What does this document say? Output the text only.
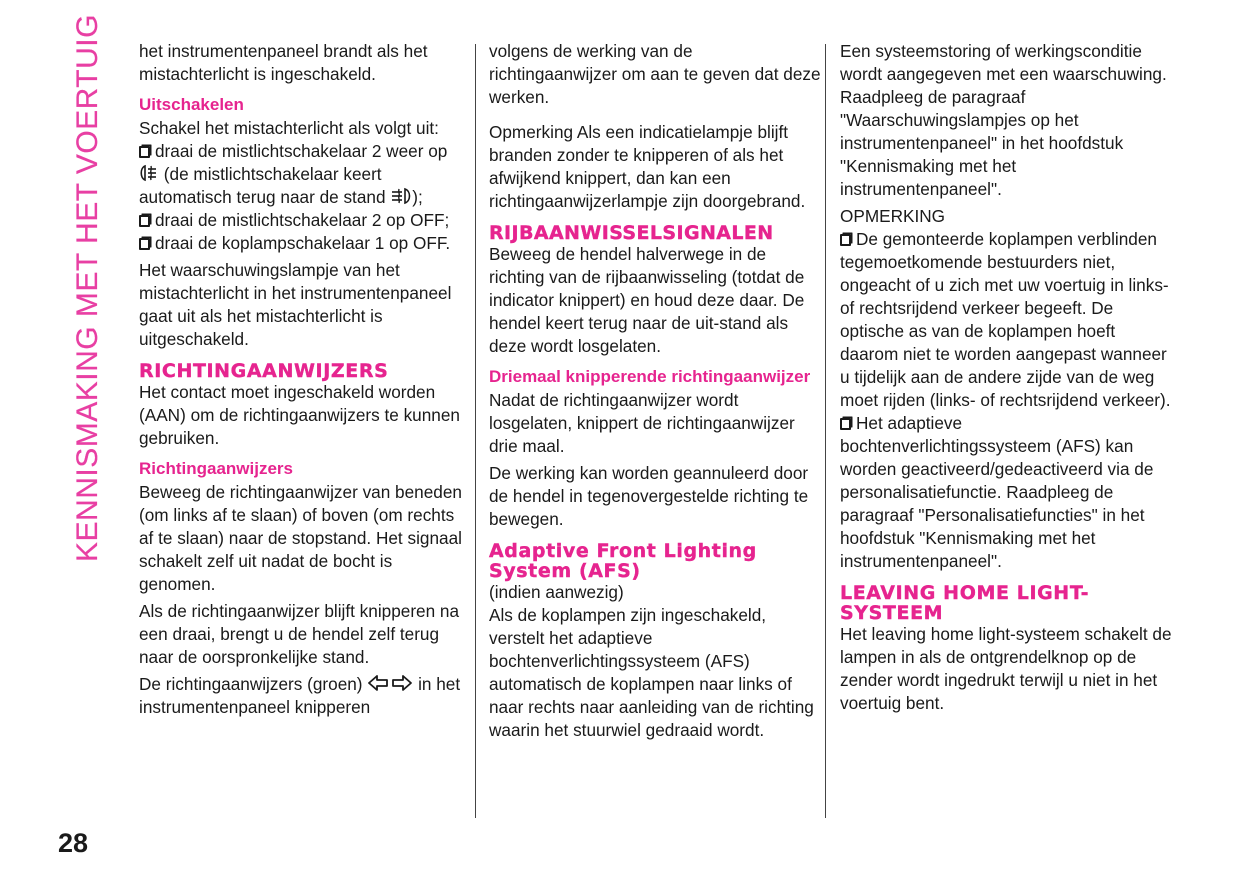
KENNISMAKING MET HET VOERTUIG het instrumentenpaneel brandt als het mistachterlicht is ingeschakeld.

Uitschakelen

Schakel het mistachterlicht als volgt uit:

draai de mistlichtschakelaar 2 weer op  (de mistlichtschakelaar keert automatisch terug naar de stand );

draai de mistlichtschakelaar 2 op OFF;

draai de koplampschakelaar 1 op OFF.

Het waarschuwingslampje van het mistachterlicht in het instrumentenpaneel gaat uit als het mistachterlicht is uitgeschakeld.

RICHTINGAANWIJZERS

Het contact moet ingeschakeld worden (AAN) om de richtingaanwijzers te kunnen gebruiken.

Richtingaanwijzers

Beweeg de richtingaanwijzer van beneden (om links af te slaan) of boven (om rechts af te slaan) naar de stopstand. Het signaal schakelt zelf uit nadat de bocht is genomen.

Als de richtingaanwijzer blijft knipperen na een draai, brengt u de hendel zelf terug naar de oorspronkelijke stand.

De richtingaanwijzers (groen)	in het instrumentenpaneel knipperen

volgens de werking van de richtingaanwijzer om aan te geven dat deze werken.

Opmerking Als een indicatielampje blijft branden zonder te knipperen of als het afwijkend knippert, dan kan een richtingaanwijzerlampje zijn doorgebrand.

RIJBAANWISSELSIGNALEN

Beweeg de hendel halverwege in de richting van de rijbaanwisseling (totdat de indicator knippert) en houd deze daar. De hendel keert terug naar de uit-stand als deze wordt losgelaten.

Driemaal knipperende richtingaanwijzer

Nadat de richtingaanwijzer wordt losgelaten, knippert de richtingaanwijzer drie maal.

De werking kan worden geannuleerd door de hendel in tegenovergestelde richting te bewegen.

Adaptive Front Lighting System (AFS)

(indien aanwezig)

Als de koplampen zijn ingeschakeld, verstelt het adaptieve bochtenverlichtingssysteem (AFS) automatisch de koplampen naar links of naar rechts naar aanleiding van de richting waarin het stuurwiel gedraaid wordt.

Een systeemstoring of werkingsconditie wordt aangegeven met een waarschuwing. Raadpleeg de paragraaf "Waarschuwingslampjes op het instrumentenpaneel" in het hoofdstuk "Kennismaking met het instrumentenpaneel".

OPMERKING

De gemonteerde koplampen verblinden tegemoetkomende bestuurders niet, ongeacht of u zich met uw voertuig in links- of rechtsrijdend verkeer begeeft. De optische as van de koplampen hoeft daarom niet te worden aangepast wanneer u tijdelijk aan de andere zijde van de weg moet rijden (links- of rechtsrijdend verkeer).

Het adaptieve bochtenverlichtingssysteem (AFS) kan worden geactiveerd/gedeactiveerd via de personalisatiefunctie. Raadpleeg de paragraaf "Personalisatiefuncties" in het hoofdstuk "Kennismaking met het instrumentenpaneel".

LEAVING HOME LIGHT-SYSTEEM

Het leaving home light-systeem schakelt de lampen in als de ontgrendelknop op de zender wordt ingedrukt terwijl u niet in het voertuig bent.

28
